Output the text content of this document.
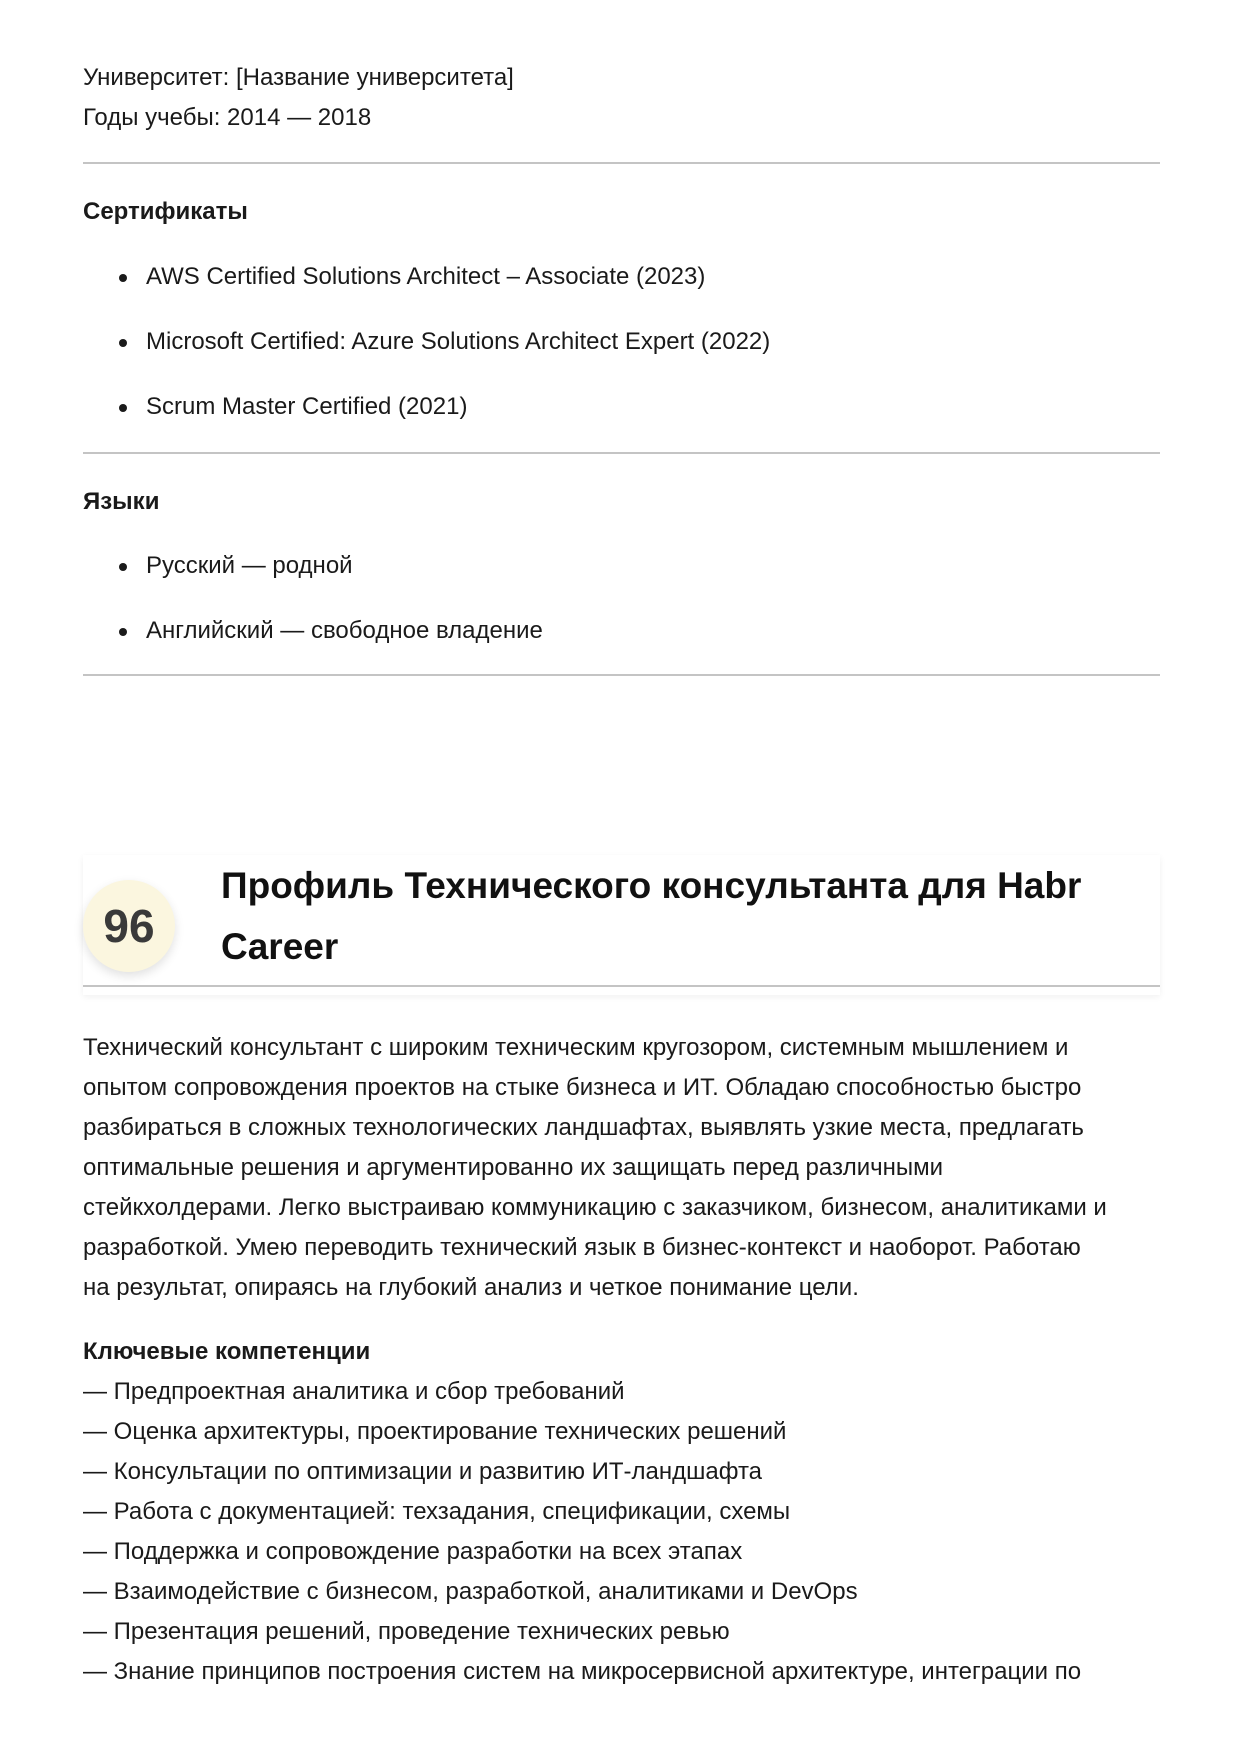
Университет: [Название университета]

Годы учебы: 2014 — 2018

Сертификаты

AWS Certified Solutions Architect – Associate (2023)
Microsoft Certified: Azure Solutions Architect Expert (2022)
Scrum Master Certified (2021)

Языки

Русский — родной
Английский — свободное владение
96
Профиль Технического консультанта для Habr Career
Технический консультант с широким техническим кругозором, системным мышлением и
опытом сопровождения проектов на стыке бизнеса и ИТ. Обладаю способностью быстро
разбираться в сложных технологических ландшафтах, выявлять узкие места, предлагать
оптимальные решения и аргументированно их защищать перед различными
стейкхолдерами. Легко выстраиваю коммуникацию с заказчиком, бизнесом, аналитиками и
разработкой. Умею переводить технический язык в бизнес-контекст и наоборот. Работаю
на результат, опираясь на глубокий анализ и четкое понимание цели.

Ключевые компетенции

— Предпроектная аналитика и сбор требований
— Оценка архитектуры, проектирование технических решений
— Консультации по оптимизации и развитию ИТ-ландшафта
— Работа с документацией: техзадания, спецификации, схемы
— Поддержка и сопровождение разработки на всех этапах
— Взаимодействие с бизнесом, разработкой, аналитиками и DevOps
— Презентация решений, проведение технических ревью
— Знание принципов построения систем на микросервисной архитектуре, интеграции по
